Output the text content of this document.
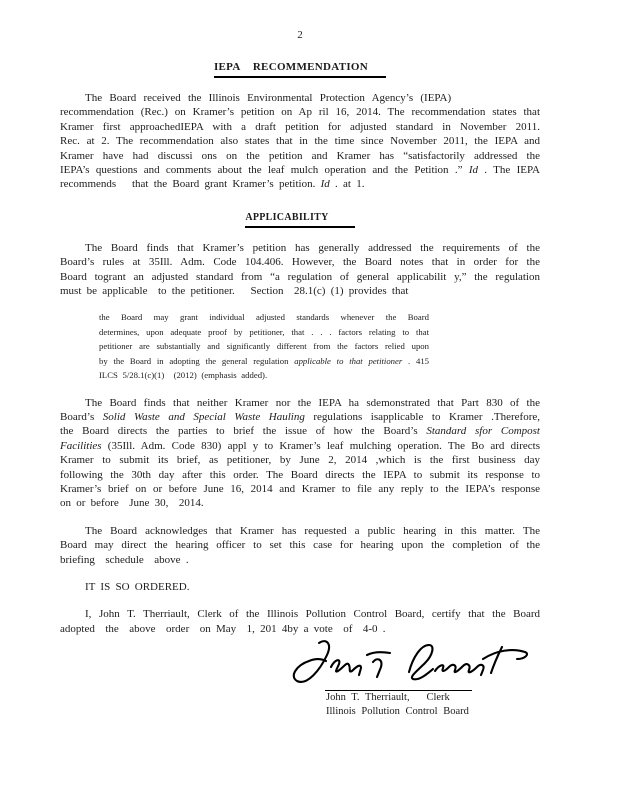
2
IEPA    RECOMMENDATION
The Board received the Illinois Environmental Protection Agency’s (IEPA)
recommendation (Rec.) on Kramer’s petition on Ap ril 16, 2014. The recommendation states that
Kramer first approachedIEPA with a draft petition for adjusted standard in November 2011.
Rec. at 2. The recommendation also states that in the time since November 2011, the IEPA and
Kramer have had discussi ons on the petition and Kramer has “satisfactorily addressed the
IEPA’s questions and comments about the leaf mulch operation and the Petition .” Id . The IEPA
recommends   that the Board grant Kramer’s petition. Id . at 1.
APPLICABILITY
The Board finds that Kramer’s petition has generally addressed the requirements of the
Board’s rules at 35Ill. Adm. Code 104.406. However, the Board notes that in order for the
Board togrant an adjusted standard from “a regulation of general applicabilit y,” the regulation
must be applicable  to the petitioner.   Section  28.1(c) (1) provides that
the Board may grant individual adjusted standards whenever the Board
determines, upon adequate proof by petitioner, that . . . factors relating to that
petitioner are substantially and significantly different from the factors relied upon
by the Board in adopting the general regulation applicable to that petitioner . 415
ILCS 5/28.1(c)(1)  (2012) (emphasis added).
The Board finds that neither Kramer nor the IEPA ha sdemonstrated that Part 830 of the
Board’s Solid Waste and Special Waste Hauling regulations isapplicable to Kramer .Therefore,
the Board directs the parties to brief the issue of how the Board’s Standard sfor Compost
Facilities (35Ill. Adm. Code 830) appl y to Kramer’s leaf mulching operation. The Bo ard directs
Kramer to submit its brief, as petitioner, by June 2, 2014 ,which is the first business day
following the 30th day after this order. The Board directs the IEPA to submit its response to
Kramer’s brief on or before June 16, 2014 and Kramer to file any reply to the IEPA’s response
on or before  June 30,  2014.
The Board acknowledges that Kramer has requested a public hearing in this matter. The
Board may direct the hearing officer to set this case for hearing upon the completion of the
briefing  schedule  above .
IT IS SO ORDERED.
I, John T. Therriault, Clerk of the Illinois Pollution Control Board, certify that the Board
adopted  the  above  order  on May  1, 201 4by a vote  of  4-0 .
John T. Therriault,   Clerk
Illinois Pollution Control Board
